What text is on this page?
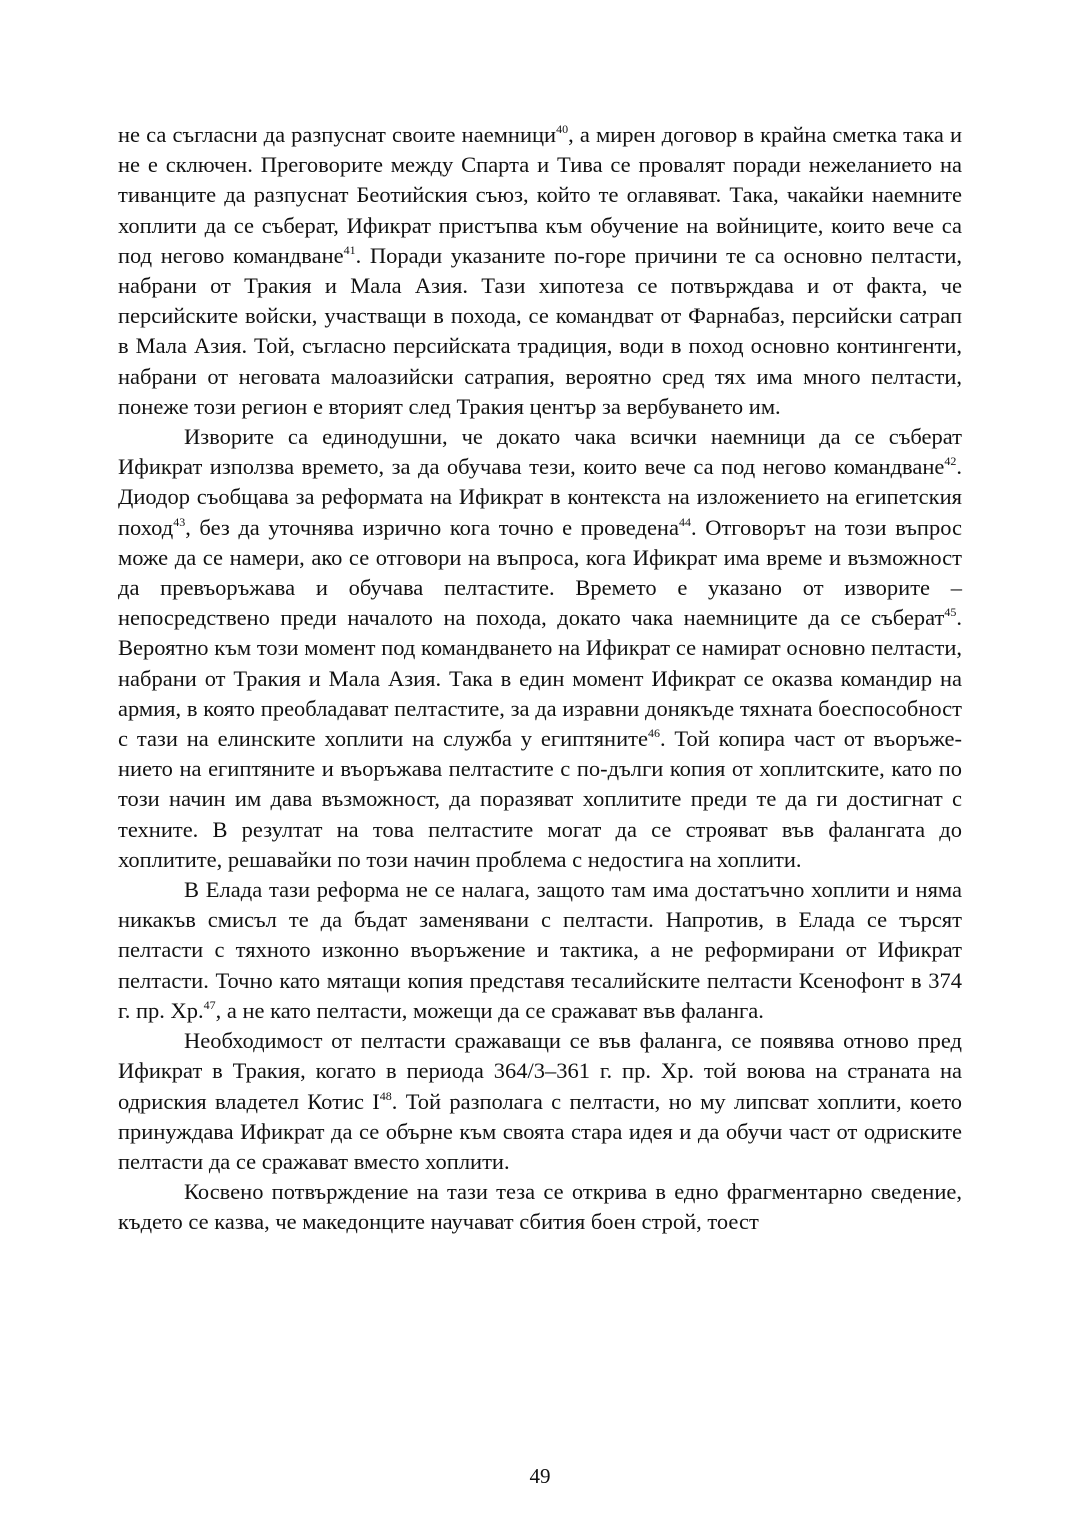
не са съгласни да разпуснат своите наемници$^{40}$, а мирен договор в крайна сметка така и не е сключен. Преговорите между Спарта и Тива се провалят поради нежеланието на тиванците да разпуснат Беотийския съюз, който те оглавяват. Така, чакайки наемните хоплити да се съберат, Ификрат пристъпва към обучение на войниците, които вече са под негово командване$^{41}$. Поради указаните по-горе причини те са основно пелтасти, набрани от Тракия и Мала Азия. Тази хипотеза се потвърждава и от факта, че персийските войски, участващи в похода, се командват от Фарнабаз, персийски сатрап в Мала Азия. Той, съгласно персийската традиция, води в поход основно контингенти, набрани от неговата малоазийски сатрапия, вероятно сред тях има много пелтасти, понеже този регион е вторият след Тракия център за вербуването им.

Изворите са единодушни, че докато чака всички наемници да се съберат Ификрат използва времето, за да обучава тези, които вече са под негово командване$^{42}$. Диодор съобщава за реформата на Ификрат в контекста на изложението на египетския поход$^{43}$, без да уточнява изрично кога точно е проведена$^{44}$. Отговорът на този въпрос може да се намери, ако се отговори на въпроса, кога Ификрат има време и възможност да превъоръжава и обучава пелтастите. Времето е указано от изворите – непосредствено преди началото на похода, докато чака наемниците да се съберат$^{45}$. Вероятно към този момент под командването на Ификрат се намират основно пелтасти, набрани от Тракия и Мала Азия. Така в един момент Ификрат се оказва командир на армия, в която преобладават пелтастите, за да изравни донякъде тяхната боеспособност с тази на елинските хоплити на служба у египтяните$^{46}$. Той копира част от въоръжението на египтяните и въоръжава пелтастите с по-дълги копия от хоплитските, като по този начин им дава възможност, да поразяват хоплитите преди те да ги достигнат с техните. В резултат на това пелтастите могат да се строяват във фалангата до хоплитите, решавайки по този начин проблема с недостига на хоплити.

В Елада тази реформа не се налага, защото там има достатъчно хоплити и няма никакъв смисъл те да бъдат заменявани с пелтасти. Напротив, в Елада се търсят пелтасти с тяхното изконно въоръжение и тактика, а не реформирани от Ификрат пелтасти. Точно като мятащи копия представя тесалийските пелтасти Ксенофонт в 374 г. пр. Хр.$^{47}$, а не като пелтасти, можещи да се сражават във фаланга.

Необходимост от пелтасти сражаващи се във фаланга, се появява отново пред Ификрат в Тракия, когато в периода 364/3–361 г. пр. Хр. той воюва на страната на одриския владетел Котис $I^{48}$. Той разполага с пелтасти, но му липсват хоплити, което принуждава Ификрат да се обърне към своята стара идея и да обучи част от одриските пелтасти да се сражават вместо хоплити.

Косвено потвърждение на тази теза се открива в едно фрагментарно сведение, където се казва, че македонците научават сбития боен строй, тоест

49
